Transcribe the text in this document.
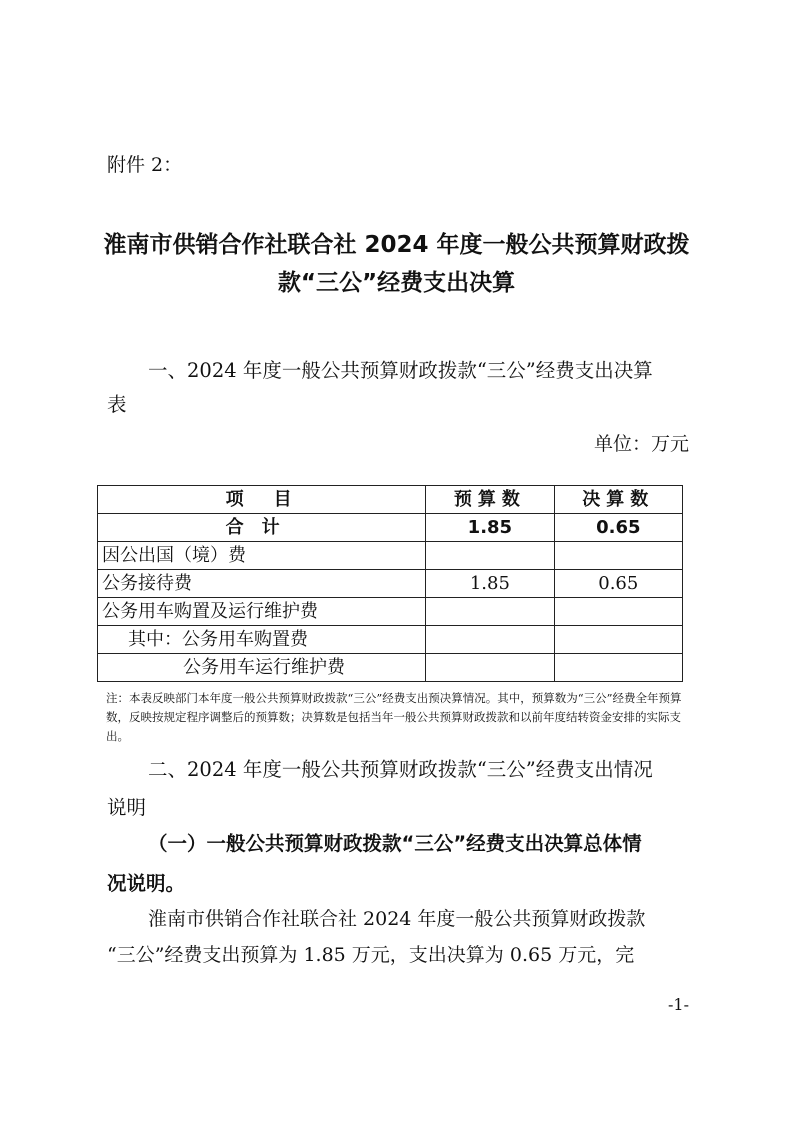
附件 2：
淮南市供销合作社联合社 2024 年度一般公共预算财政拨
款“三公”经费支出决算
一、2024 年度一般公共预算财政拨款“三公”经费支出决算
表
单位：万元
项　目	预算数	决算数
合计	1.85	0.65
因公出国（境）费		
公务接待费	1.85	0.65
公务用车购置及运行维护费		
其中：公务用车购置费		
公务用车运行维护费		
注：本表反映部门本年度一般公共预算财政拨款“三公”经费支出预决算情况。其中，预算数为“三公”经费全年预算数，反映按规定程序调整后的预算数；决算数是包括当年一般公共预算财政拨款和以前年度结转资金安排的实际支出。
二、2024 年度一般公共预算财政拨款“三公”经费支出情况
说明
（一）一般公共预算财政拨款“三公”经费支出决算总体情
况说明。
淮南市供销合作社联合社 2024 年度一般公共预算财政拨款
“三公”经费支出预算为 1.85 万元，支出决算为 0.65 万元，完
-1-
